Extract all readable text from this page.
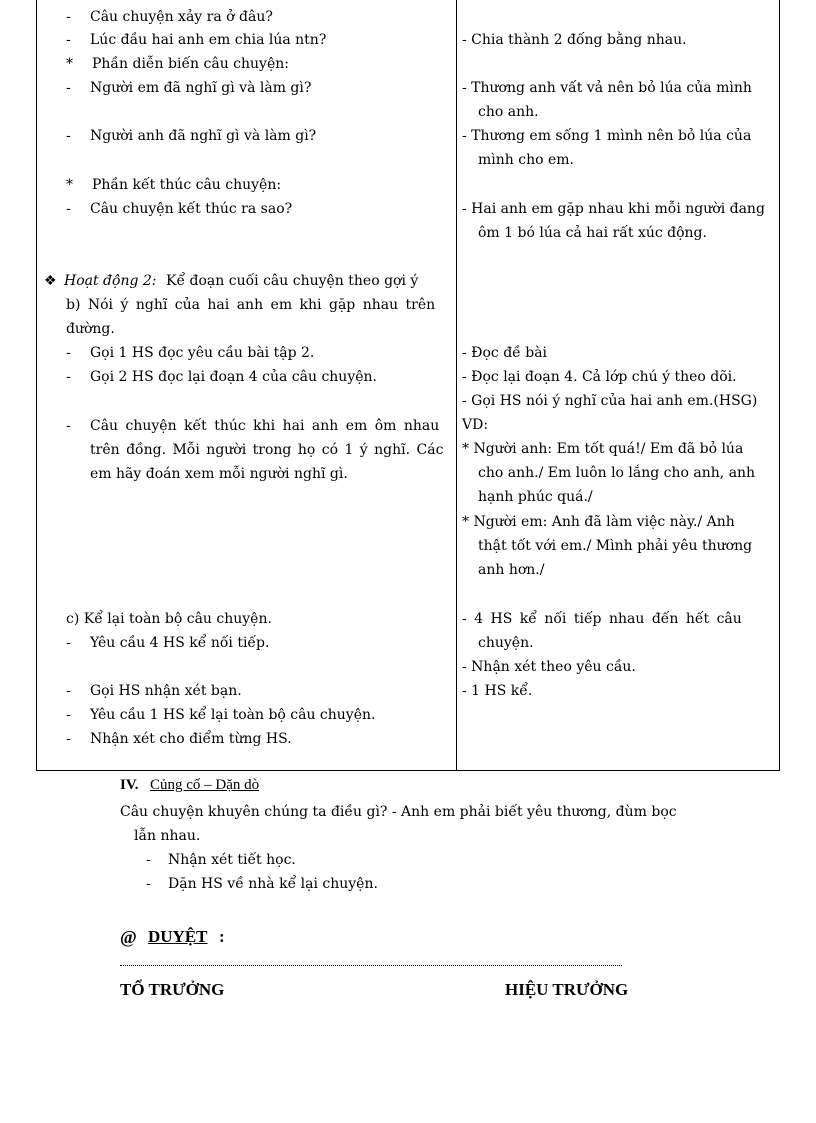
- Câu chuyện xảy ra ở đâu?
- Lúc đầu hai anh em chia lúa ntn?
* Phần diễn biến câu chuyện:
- Người em đã nghĩ gì và làm gì?
- Người anh đã nghĩ gì và làm gì?
* Phần kết thúc câu chuyện:
- Câu chuyện kết thúc ra sao?
❖ Hoạt động 2: Kể đoạn cuối câu chuyện theo gợi ý
b) Nói ý nghĩ của hai anh em khi gặp nhau trên
đường.
- Gọi 1 HS đọc yêu cầu bài tập 2.
- Gọi 2 HS đọc lại đoạn 4 của câu chuyện.
- Câu chuyện kết thúc khi hai anh em ôm nhau
trên đồng. Mỗi người trong họ có 1 ý nghĩ. Các
em hãy đoán xem mỗi người nghĩ gì.
c) Kể lại toàn bộ câu chuyện.
- Yêu cầu 4 HS kể nối tiếp.
- Gọi HS nhận xét bạn.
- Yêu cầu 1 HS kể lại toàn bộ câu chuyện.
- Nhận xét cho điểm từng HS.
- Chia thành 2 đống bằng nhau.
- Thương anh vất vả nên bỏ lúa của mình
cho anh.
- Thương em sống 1 mình nên bỏ lúa của
mình cho em.
- Hai anh em gặp nhau khi mỗi người đang
ôm 1 bó lúa cả hai rất xúc động.
- Đọc đề bài
- Đọc lại đoạn 4. Cả lớp chú ý theo dõi.
- Gọi HS nói ý nghĩ của hai anh em.(HSG)
VD:
* Người anh: Em tốt quá!/ Em đã bỏ lúa
cho anh./ Em luôn lo lắng cho anh, anh
hạnh phúc quá./
* Người em: Anh đã làm việc này./ Anh
thật tốt với em./ Mình phải yêu thương
anh hơn./
- 4 HS kể nối tiếp nhau đến hết câu
chuyện.
- Nhận xét theo yêu cầu.
- 1 HS kể.
IV. Củng cố – Dặn dò
Câu chuyện khuyên chúng ta điều gì? - Anh em phải biết yêu thương, đùm bọc
lẫn nhau.
- Nhận xét tiết học.
- Dặn HS về nhà kể lại chuyện.
@ DUYỆT :
TỔ TRƯỞNG	HIỆU TRƯỞNG
